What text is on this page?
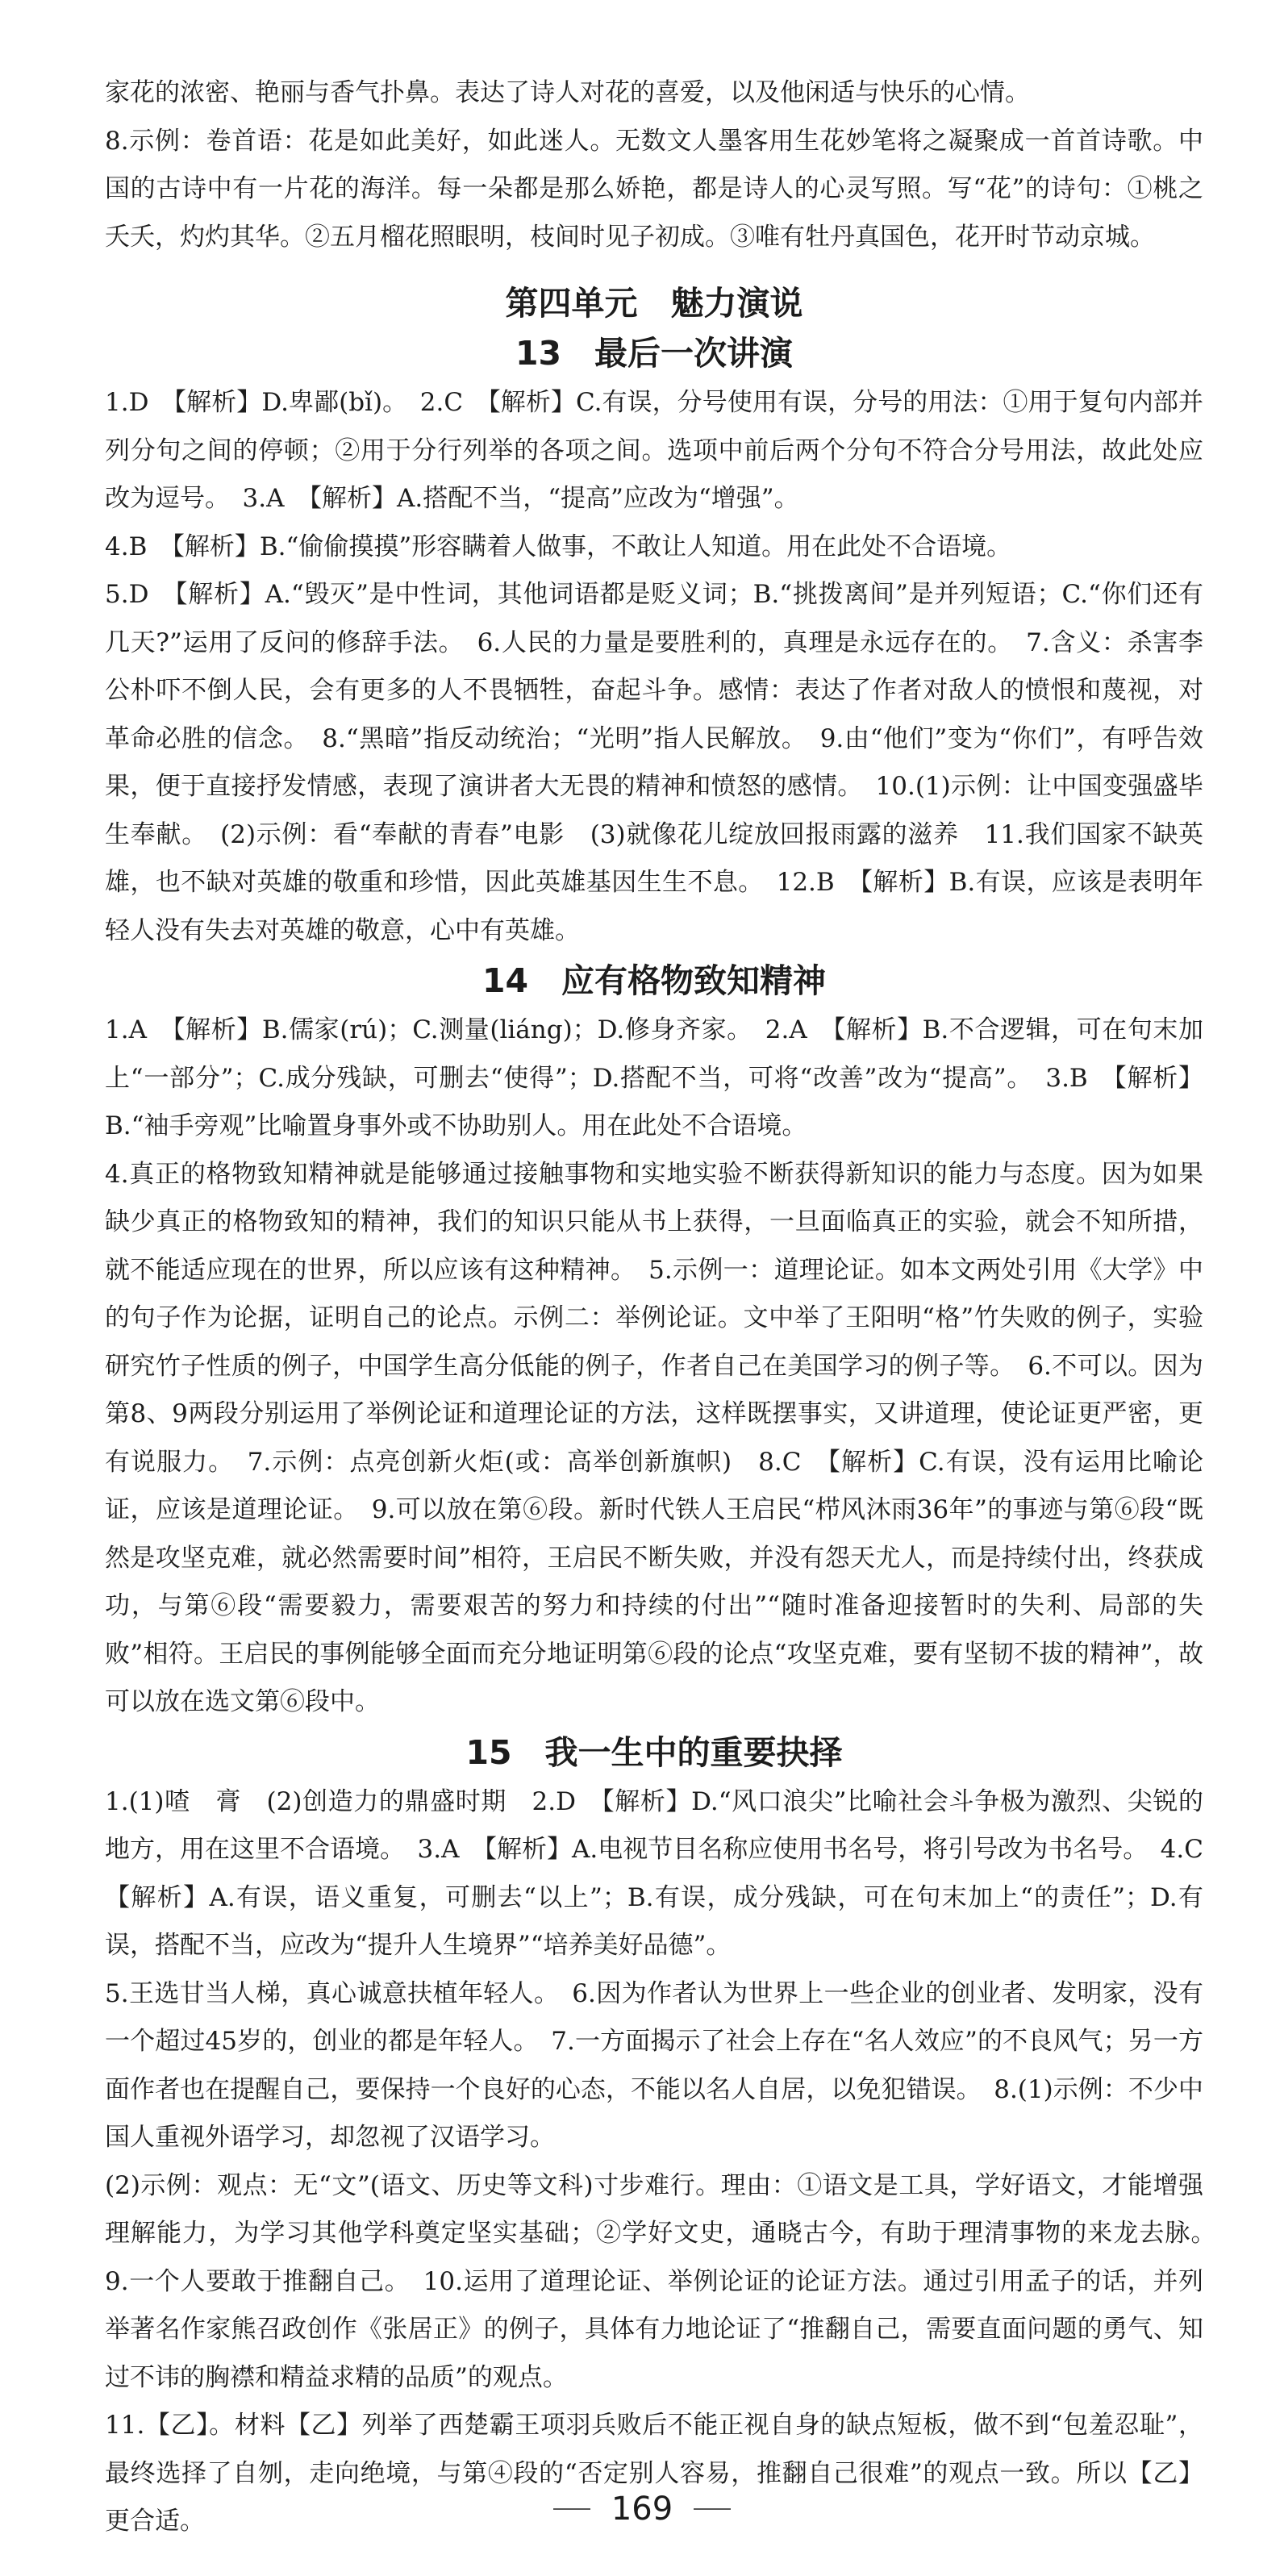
家花的浓密、艳丽与香气扑鼻。表达了诗人对花的喜爱，以及他闲适与快乐的心情。

8.示例：卷首语：花是如此美好，如此迷人。无数文人墨客用生花妙笔将之凝聚成一首首诗歌。中国的古诗中有一片花的海洋。每一朵都是那么娇艳，都是诗人的心灵写照。写“花”的诗句：①桃之夭夭，灼灼其华。②五月榴花照眼明，枝间时见子初成。③唯有牡丹真国色，花开时节动京城。

第四单元　魅力演说
13　最后一次讲演

1.D　【解析】D.卑鄙(bǐ)。　2.C　【解析】C.有误，分号使用有误，分号的用法：①用于复句内部并列分句之间的停顿；②用于分行列举的各项之间。选项中前后两个分句不符合分号用法，故此处应改为逗号。　3.A　【解析】A.搭配不当，“提高”应改为“增强”。

4.B　【解析】B.“偷偷摸摸”形容瞒着人做事，不敢让人知道。用在此处不合语境。

5.D　【解析】A.“毁灭”是中性词，其他词语都是贬义词；B.“挑拨离间”是并列短语；C.“你们还有几天?”运用了反问的修辞手法。　6.人民的力量是要胜利的，真理是永远存在的。　7.含义：杀害李公朴吓不倒人民，会有更多的人不畏牺牲，奋起斗争。感情：表达了作者对敌人的愤恨和蔑视，对革命必胜的信念。　8.“黑暗”指反动统治；“光明”指人民解放。　9.由“他们”变为“你们”，有呼告效果，便于直接抒发情感，表现了演讲者大无畏的精神和愤怒的感情。　10.(1)示例：让中国变强盛毕生奉献。　(2)示例：看“奉献的青春”电影　(3)就像花儿绽放回报雨露的滋养　11.我们国家不缺英雄，也不缺对英雄的敬重和珍惜，因此英雄基因生生不息。　12.B　【解析】B.有误，应该是表明年轻人没有失去对英雄的敬意，心中有英雄。

14　应有格物致知精神

1.A　【解析】B.儒家(rú)；C.测量(liáng)；D.修身齐家。　2.A　【解析】B.不合逻辑，可在句末加上“一部分”；C.成分残缺，可删去“使得”；D.搭配不当，可将“改善”改为“提高”。　3.B　【解析】B.“袖手旁观”比喻置身事外或不协助别人。用在此处不合语境。

4.真正的格物致知精神就是能够通过接触事物和实地实验不断获得新知识的能力与态度。因为如果缺少真正的格物致知的精神，我们的知识只能从书上获得，一旦面临真正的实验，就会不知所措，就不能适应现在的世界，所以应该有这种精神。　5.示例一：道理论证。如本文两处引用《大学》中的句子作为论据，证明自己的论点。示例二：举例论证。文中举了王阳明“格”竹失败的例子，实验研究竹子性质的例子，中国学生高分低能的例子，作者自己在美国学习的例子等。　6.不可以。因为第8、9两段分别运用了举例论证和道理论证的方法，这样既摆事实，又讲道理，使论证更严密，更有说服力。　7.示例：点亮创新火炬(或：高举创新旗帜)　8.C　【解析】C.有误，没有运用比喻论证，应该是道理论证。　9.可以放在第⑥段。新时代铁人王启民“栉风沐雨36年”的事迹与第⑥段“既然是攻坚克难，就必然需要时间”相符，王启民不断失败，并没有怨天尤人，而是持续付出，终获成功，与第⑥段“需要毅力，需要艰苦的努力和持续的付出”“随时准备迎接暂时的失利、局部的失败”相符。王启民的事例能够全面而充分地证明第⑥段的论点“攻坚克难，要有坚韧不拔的精神”，故可以放在选文第⑥段中。

15　我一生中的重要抉择

1.(1)喳　膏　(2)创造力的鼎盛时期　2.D　【解析】D.“风口浪尖”比喻社会斗争极为激烈、尖锐的地方，用在这里不合语境。　3.A　【解析】A.电视节目名称应使用书名号，将引号改为书名号。　4.C　【解析】A.有误，语义重复，可删去“以上”；B.有误，成分残缺，可在句末加上“的责任”；D.有误，搭配不当，应改为“提升人生境界”“培养美好品德”。

5.王选甘当人梯，真心诚意扶植年轻人。　6.因为作者认为世界上一些企业的创业者、发明家，没有一个超过45岁的，创业的都是年轻人。　7.一方面揭示了社会上存在“名人效应”的不良风气；另一方面作者也在提醒自己，要保持一个良好的心态，不能以名人自居，以免犯错误。　8.(1)示例：不少中国人重视外语学习，却忽视了汉语学习。

(2)示例：观点：无“文”(语文、历史等文科)寸步难行。理由：①语文是工具，学好语文，才能增强理解能力，为学习其他学科奠定坚实基础；②学好文史，通晓古今，有助于理清事物的来龙去脉。　9.一个人要敢于推翻自己。　10.运用了道理论证、举例论证的论证方法。通过引用孟子的话，并列举著名作家熊召政创作《张居正》的例子，具体有力地论证了“推翻自己，需要直面问题的勇气、知过不讳的胸襟和精益求精的品质”的观点。

11.【乙】。材料【乙】列举了西楚霸王项羽兵败后不能正视自身的缺点短板，做不到“包羞忍耻”，最终选择了自刎，走向绝境，与第④段的“否定别人容易，推翻自己很难”的观点一致。所以【乙】更合适。	169
